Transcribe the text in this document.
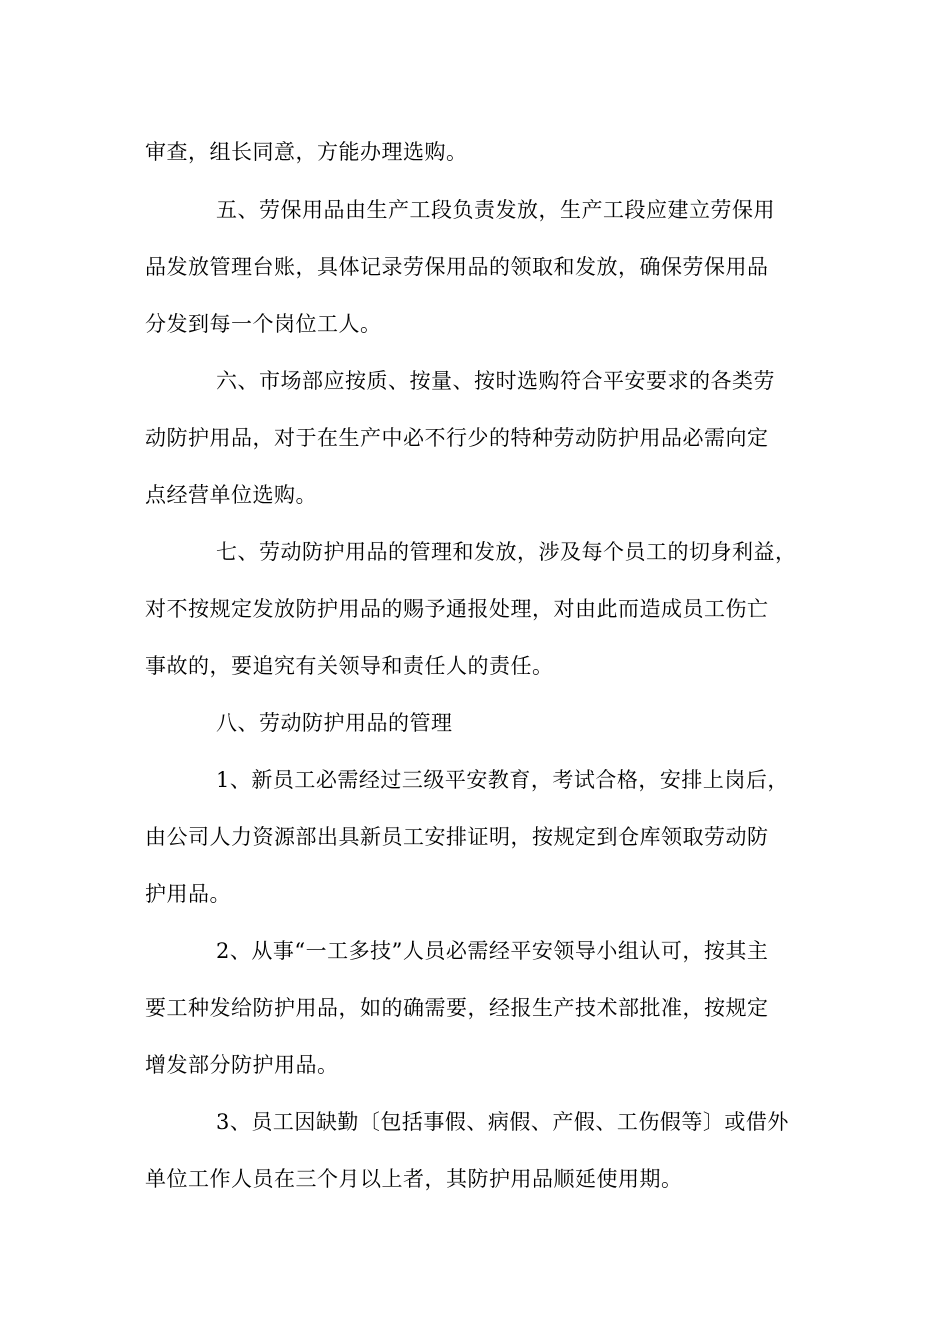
审查，组长同意，方能办理选购。
五、劳保用品由生产工段负责发放，生产工段应建立劳保用
品发放管理台账，具体记录劳保用品的领取和发放，确保劳保用品
分发到每一个岗位工人。
六、市场部应按质、按量、按时选购符合平安要求的各类劳
动防护用品，对于在生产中必不行少的特种劳动防护用品必需向定
点经营单位选购。
七、劳动防护用品的管理和发放，涉及每个员工的切身利益，
对不按规定发放防护用品的赐予通报处理，对由此而造成员工伤亡
事故的，要追究有关领导和责任人的责任。
八、劳动防护用品的管理
1、新员工必需经过三级平安教育，考试合格，安排上岗后，
由公司人力资源部出具新员工安排证明，按规定到仓库领取劳动防
护用品。
2、从事“一工多技”人员必需经平安领导小组认可，按其主
要工种发给防护用品，如的确需要，经报生产技术部批准，按规定
增发部分防护用品。
3、员工因缺勤〔包括事假、病假、产假、工伤假等〕或借外
单位工作人员在三个月以上者，其防护用品顺延使用期。
